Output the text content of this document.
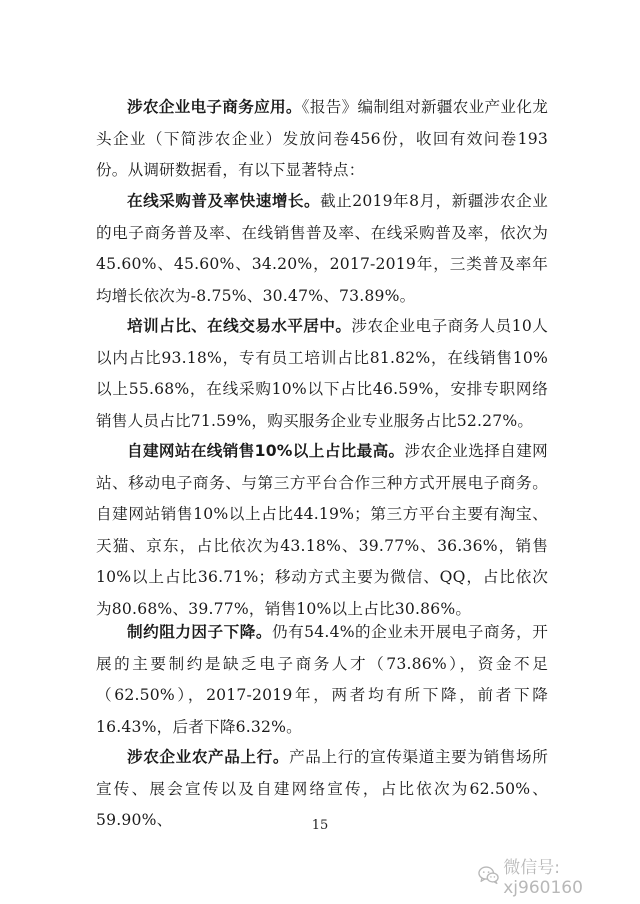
涉农企业电子商务应用。《报告》编制组对新疆农业产业化龙头企业（下简涉农企业）发放问卷456份，收回有效问卷193份。从调研数据看，有以下显著特点：

在线采购普及率快速增长。截止2019年8月，新疆涉农企业的电子商务普及率、在线销售普及率、在线采购普及率，依次为45.60%、45.60%、34.20%，2017-2019年，三类普及率年均增长依次为-8.75%、30.47%、73.89%。

培训占比、在线交易水平居中。涉农企业电子商务人员10人以内占比93.18%，专有员工培训占比81.82%，在线销售10%以上55.68%，在线采购10%以下占比46.59%，安排专职网络销售人员占比71.59%，购买服务企业专业服务占比52.27%。

自建网站在线销售10%以上占比最高。涉农企业选择自建网站、移动电子商务、与第三方平台合作三种方式开展电子商务。自建网站销售10%以上占比44.19%；第三方平台主要有淘宝、天猫、京东，占比依次为43.18%、39.77%、36.36%，销售10%以上占比36.71%；移动方式主要为微信、QQ，占比依次为80.68%、39.77%，销售10%以上占比30.86%。

制约阻力因子下降。仍有54.4%的企业未开展电子商务，开展的主要制约是缺乏电子商务人才（73.86%），资金不足（62.50%），2017-2019年，两者均有所下降，前者下降16.43%，后者下降6.32%。

涉农企业农产品上行。产品上行的宣传渠道主要为销售场所宣传、展会宣传以及自建网络宣传，占比依次为62.50%、59.90%、	15
微信号: xj960160
